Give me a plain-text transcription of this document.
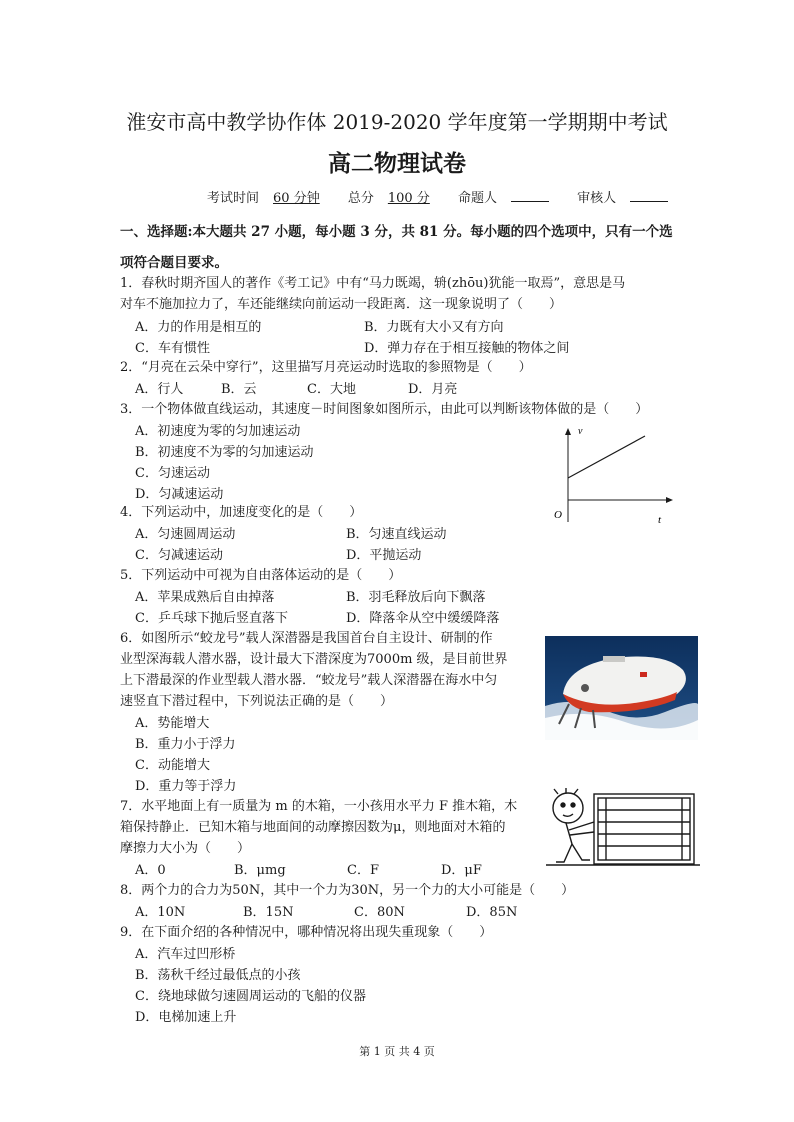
淮安市高中教学协作体 2019-2020 学年度第一学期期中考试
高二物理试卷
考试时间 60 分钟 总分 100 分 命题人	审核人
一、选择题:本大题共 27 小题，每小题 3 分，共 81 分。每小题的四个选项中，只有一个选项符合题目要求。
1．春秋时期齐国人的著作《考工记》中有“马力既竭，辀(zhōu)犹能一取焉”，意思是马
对车不施加拉力了，车还能继续向前运动一段距离．这一现象说明了（　　）
A．力的作用是相互的	B．力既有大小又有方向
C．车有惯性	D．弹力存在于相互接触的物体之间
2．“月亮在云朵中穿行”，这里描写月亮运动时选取的参照物是（　　）
A．行人	B．云	C．大地	D．月亮
3．一个物体做直线运动，其速度－时间图象如图所示，由此可以判断该物体做的是（　　）
A．初速度为零的匀加速运动
B．初速度不为零的匀加速运动
C．匀速运动
D．匀减速运动
v
O	t
4．下列运动中，加速度变化的是（　　）
A．匀速圆周运动	B．匀速直线运动
C．匀减速运动	D．平抛运动
5．下列运动中可视为自由落体运动的是（　　）
A．苹果成熟后自由掉落	B．羽毛释放后向下飘落
C．乒乓球下抛后竖直落下	D．降落伞从空中缓缓降落
6．如图所示“蛟龙号”载人深潜器是我国首台自主设计、研制的作
业型深海载人潜水器，设计最大下潜深度为7000m 级，是目前世界
上下潜最深的作业型载人潜水器．“蛟龙号”载人深潜器在海水中匀
速竖直下潜过程中，下列说法正确的是（　　）
A．势能增大
B．重力小于浮力
C．动能增大
D．重力等于浮力
7．水平地面上有一质量为 m 的木箱，一小孩用水平力 F 推木箱，木
箱保持静止．已知木箱与地面间的动摩擦因数为μ，则地面对木箱的
摩擦力大小为（　　）
A．0	B．μmg	C．F	D．μF
8．两个力的合力为50N，其中一个力为30N，另一个力的大小可能是（　　）
A．10N	B．15N	C．80N	D．85N
9．在下面介绍的各种情况中，哪种情况将出现失重现象（　　）
A．汽车过凹形桥
B．荡秋千经过最低点的小孩
C．绕地球做匀速圆周运动的飞船的仪器
D．电梯加速上升
第 1 页 共 4 页
